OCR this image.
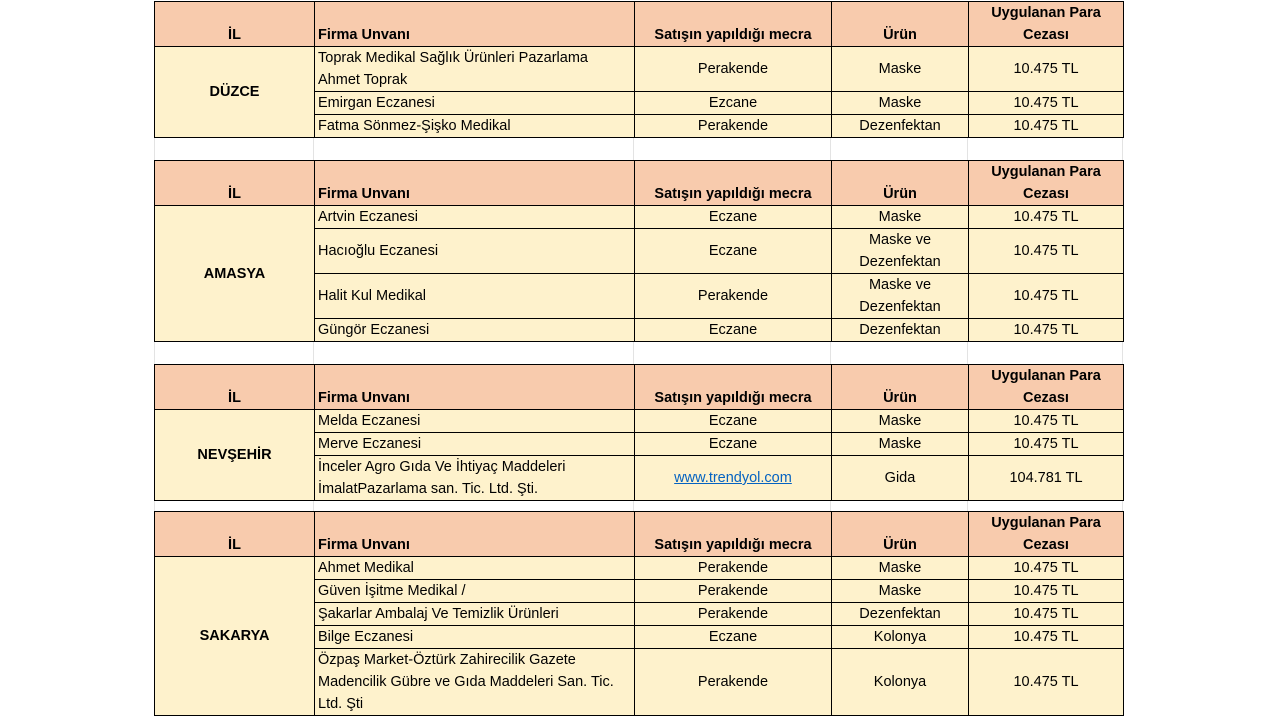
İL	Firma Unvanı	Satışın yapıldığı mecra	Ürün	Uygulanan Para Cezası
DÜZCE	Toprak Medikal Sağlık Ürünleri Pazarlama Ahmet Toprak	Perakende	Maske	10.475 TL
	Emirgan Eczanesi	Ezcane	Maske	10.475 TL
	Fatma Sönmez-Şişko Medikal	Perakende	Dezenfektan	10.475 TL
İL	Firma Unvanı	Satışın yapıldığı mecra	Ürün	Uygulanan Para Cezası
AMASYA	Artvin Eczanesi	Eczane	Maske	10.475 TL
	Hacıoğlu Eczanesi	Eczane	Maske ve Dezenfektan	10.475 TL
	Halit Kul Medikal	Perakende	Maske ve Dezenfektan	10.475 TL
	Güngör Eczanesi	Eczane	Dezenfektan	10.475 TL
İL	Firma Unvanı	Satışın yapıldığı mecra	Ürün	Uygulanan Para Cezası
NEVŞEHİR	Melda Eczanesi	Eczane	Maske	10.475 TL
	Merve Eczanesi	Eczane	Maske	10.475 TL
	İnceler Agro Gıda Ve İhtiyaç Maddeleri İmalatPazarlama san. Tic. Ltd. Şti.	www.trendyol.com	Gida	104.781 TL
İL	Firma Unvanı	Satışın yapıldığı mecra	Ürün	Uygulanan Para Cezası
SAKARYA	Ahmet Medikal	Perakende	Maske	10.475 TL
	Güven İşitme Medikal /	Perakende	Maske	10.475 TL
	Şakarlar Ambalaj Ve Temizlik Ürünleri	Perakende	Dezenfektan	10.475 TL
	Bilge Eczanesi	Eczane	Kolonya	10.475 TL
	Özpaş Market-Öztürk Zahirecilik Gazete Madencilik Gübre ve Gıda Maddeleri San. Tic. Ltd. Şti	Perakende	Kolonya	10.475 TL
